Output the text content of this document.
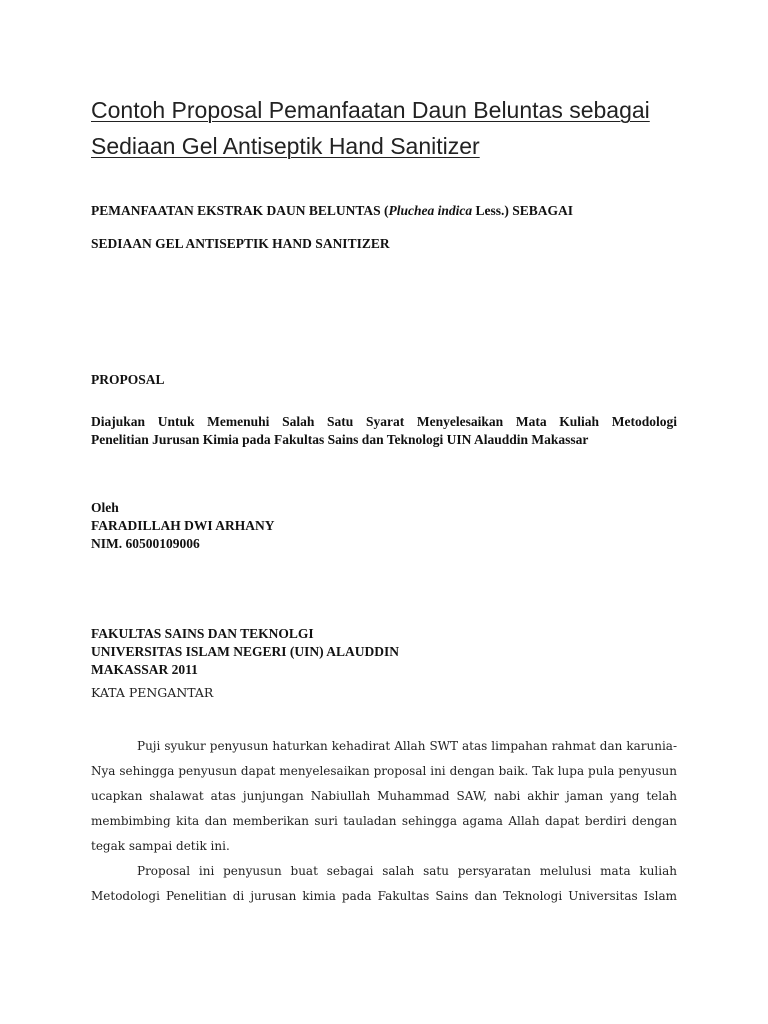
Contoh Proposal Pemanfaatan Daun Beluntas sebagai
Sediaan Gel Antiseptik Hand Sanitizer
PEMANFAATAN EKSTRAK DAUN BELUNTAS (Pluchea indica Less.) SEBAGAI
SEDIAAN GEL ANTISEPTIK HAND SANITIZER
PROPOSAL
Diajukan Untuk Memenuhi Salah Satu Syarat Menyelesaikan Mata Kuliah Metodologi
Penelitian Jurusan Kimia pada Fakultas Sains dan Teknologi UIN Alauddin Makassar
Oleh
FARADILLAH DWI ARHANY
NIM. 60500109006
FAKULTAS SAINS DAN TEKNOLGI
UNIVERSITAS ISLAM NEGERI (UIN) ALAUDDIN
MAKASSAR 2011
KATA PENGANTAR
Puji syukur penyusun haturkan kehadirat Allah SWT atas limpahan rahmat dan karunia-
Nya sehingga penyusun dapat menyelesaikan proposal ini dengan baik. Tak lupa pula penyusun
ucapkan shalawat atas junjungan Nabiullah Muhammad SAW, nabi akhir jaman yang telah
membimbing kita dan memberikan suri tauladan sehingga agama Allah dapat berdiri dengan
tegak sampai detik ini.
Proposal ini penyusun buat sebagai salah satu persyaratan melulusi mata kuliah
Metodologi Penelitian di jurusan kimia pada Fakultas Sains dan Teknologi Universitas Islam
